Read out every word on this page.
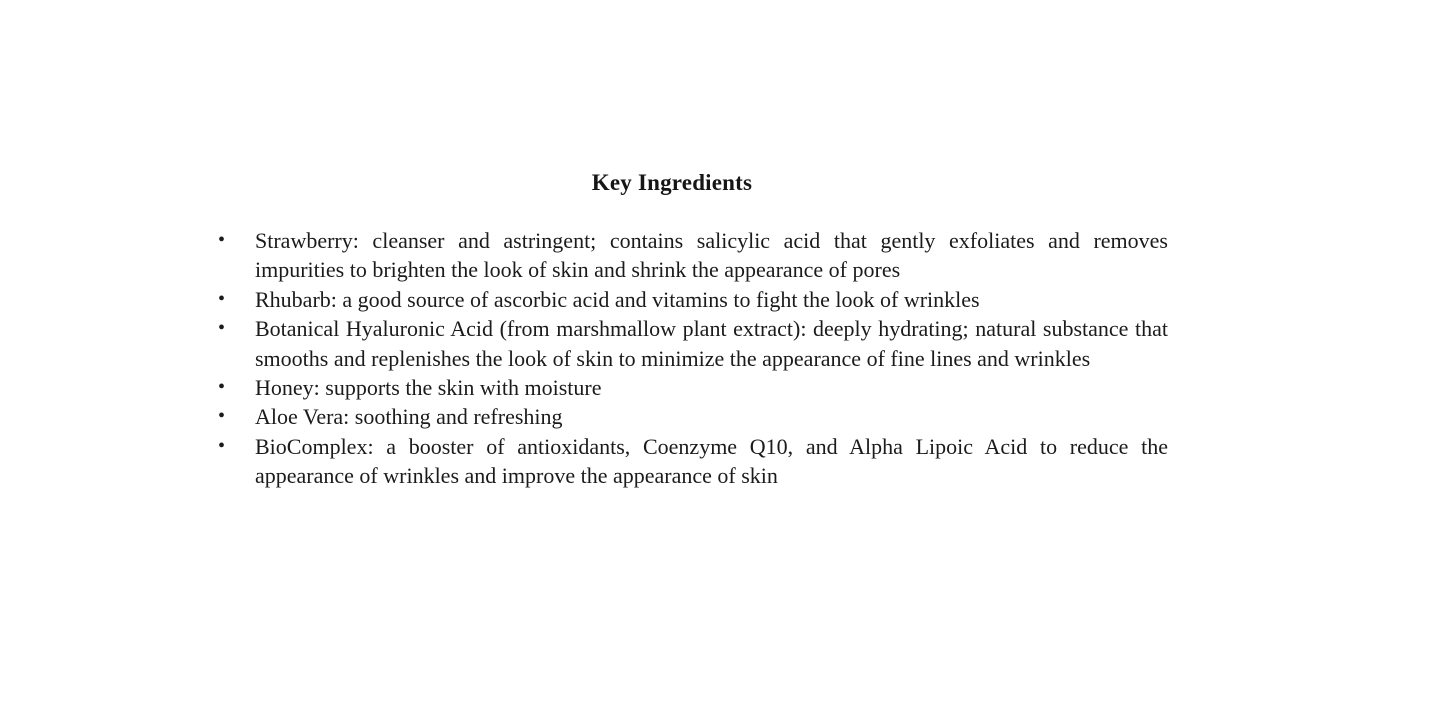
Key Ingredients
• Strawberry: cleanser and astringent; contains salicylic acid that gently exfoliates and removes impurities to brighten the look of skin and shrink the appearance of pores
• Rhubarb: a good source of ascorbic acid and vitamins to fight the look of wrinkles
• Botanical Hyaluronic Acid (from marshmallow plant extract): deeply hydrating; natural substance that smooths and replenishes the look of skin to minimize the appearance of fine lines and wrinkles
• Honey: supports the skin with moisture
• Aloe Vera: soothing and refreshing
• BioComplex: a booster of antioxidants, Coenzyme Q10, and Alpha Lipoic Acid to reduce the appearance of wrinkles and improve the appearance of skin
